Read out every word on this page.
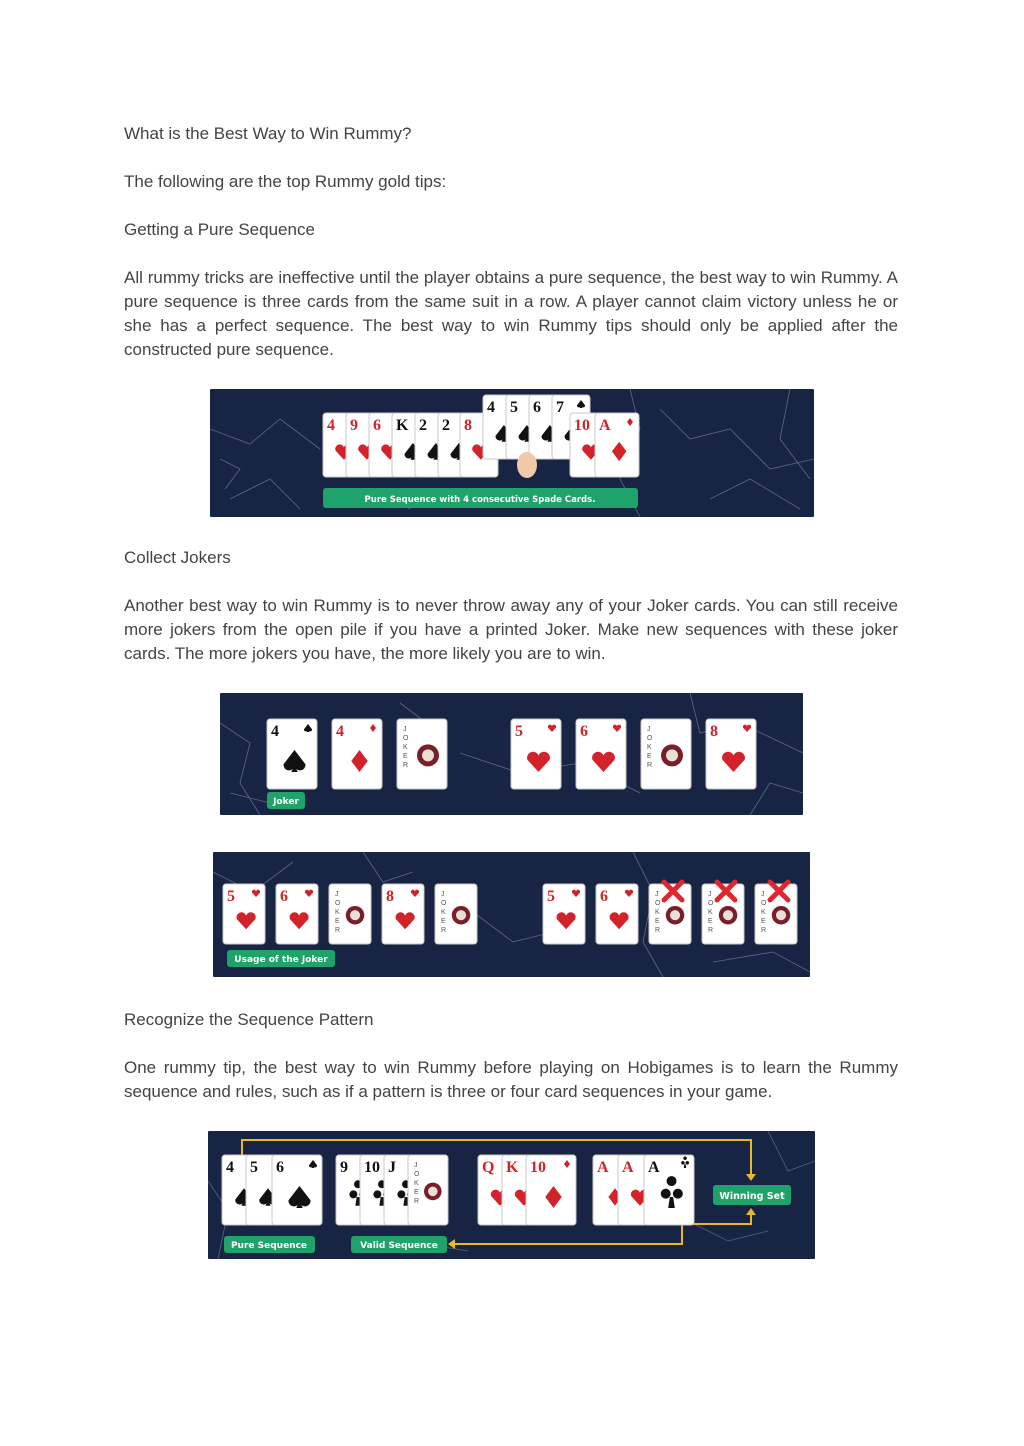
What is the Best Way to Win Rummy?
The following are the top Rummy gold tips:
Getting a Pure Sequence
All rummy tricks are ineffective until the player obtains a pure sequence, the best way to win Rummy. A pure sequence is three cards from the same suit in a row. A player cannot claim victory unless he or she has a perfect sequence. The best way to win Rummy tips should only be applied after the constructed pure sequence.
4 9 6 K 2 2 8
4 5 6 7
10 A
Pure Sequence with 4 consecutive Spade Cards.
Collect Jokers
Another best way to win Rummy is to never throw away any of your Joker cards. You can still receive more jokers from the open pile if you have a printed Joker. Make new sequences with these joker cards. The more jokers you have, the more likely you are to win.
4	4	J
O
K
E
R
5	6	J
O
K
E
R
8
Joker
5	6	J
O
K
E
R
8	J
O
K
E
R
5	6	J
O
K
E
R
J
O
K
E
R
J
O
K
E
R
Usage of the Joker
Recognize the Sequence Pattern
One rummy tip, the best way to win Rummy before playing on Hobigames is to learn the Rummy sequence and rules, such as if a pattern is three or four card sequences in your game.
4 5 6	9 10 J	Q K 10	A A A
J
O
K
E
R
Pure Sequence	Valid Sequence
Winning Set
